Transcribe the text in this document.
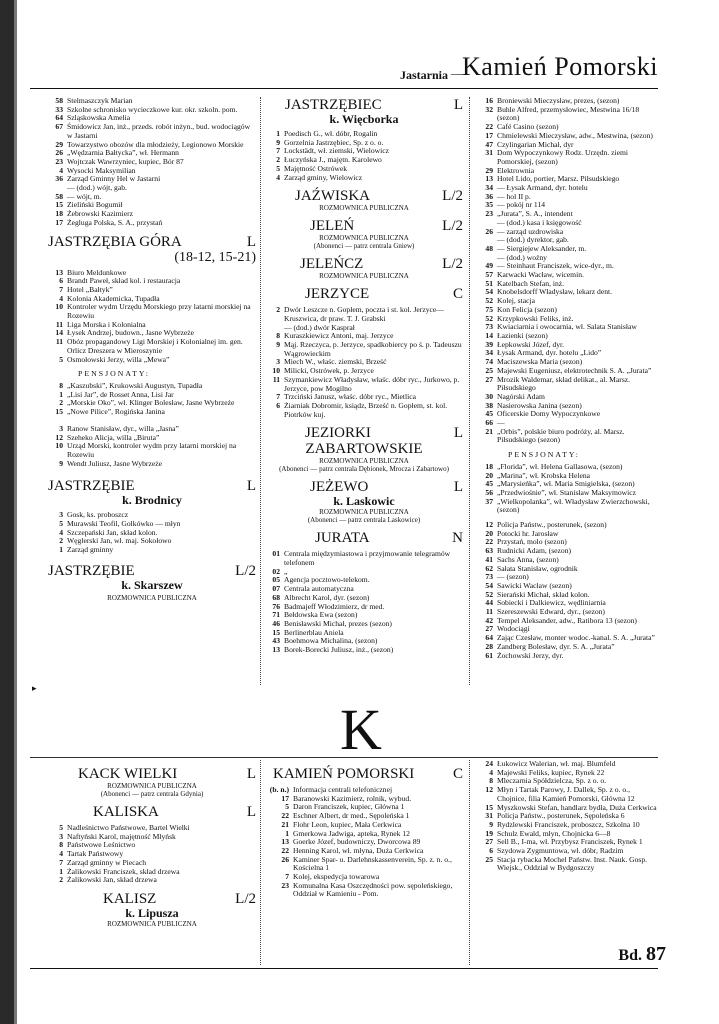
Jastarnia — Kamień Pomorski
58 Stelmaszczyk Marian
33 Szkolne schronisko wycieczkowe kur. okr. szkoln. pom.
64 Szląskowska Amelia
67 Śmidowicz Jan, inż., przeds. robót inżyn., bud. wodociągów w Jastarni
29 Towarzystwo obozów dla młodzieży, Legionowo Morskie
26 „Wędzarnia Bałtycka”, wł. Hermann
23 Wojtczak Wawrzyniec, kupiec, Bór 87
4 Wysocki Maksymilian
36 Zarząd Gminny Hel w Jastarni
— (dod.) wójt, gab.
58 — wójt, m.
15 Zieliński Bogumił
18 Żebrowski Kazimierz
17 Żegluga Polska, S. A., przystań
JASTRZĘBIA GÓRA	L
(18-12, 15-21)
13 Biuro Meldunkowe
6 Brandt Paweł, skład kol. i restauracja
7 Hotel „Bałtyk”
4 Kolonia Akademicka, Tupadła
10 Kontroler wydm Urzędu Morskiego przy latarni morskiej na Rozewiu
11 Liga Morska i Kolonialna
14 Łysek Andrzej, budown., Jasne Wybrzeże
11 Obóz propagandowy Ligi Morskiej i Kolonialnej im. gen. Orlicz Dreszera w Mieroszynie
5 Osmołowski Jerzy, willa „Mewa”
PENSJONATY:
8 „Kaszubski”, Krukowski Augustyn, Tupadła
1 „Lisi Jar”, de Rosset Anna, Lisi Jar
2 „Morskie Oko”, wł. Klinger Bolesław, Jasne Wybrzeże
15 „Nowe Pilice”, Rogińska Janina
3 Ranow Stanisław, dyr., willa „Jasna”
12 Szeheko Alicja, willa „Biruta”
10 Urząd Morski, kontroler wydm przy latarni morskiej na Rozewiu
9 Wendt Juliusz, Jasne Wybrzeże
JASTRZĘBIE	L
k. Brodnicy
3 Gosk, ks. proboszcz
5 Murawski Teofil, Golkówko — młyn
4 Szczepański Jan, skład kolon.
2 Węglerski Jan, wł. maj. Sokołowo
1 Zarząd gminny
JASTRZĘBIE	L/2
k. Skarszew
ROZMOWNICA PUBLICZNA
JASTRZĘBIEC	L
k. Więcborka
1 Poedisch G., wł. dóbr, Rogalin
9 Gorzelnia Jastrzębiec, Sp. z o. o.
7 Lockstädt, wł. ziemski, Wielowicz
2 Łuczyńska J., majętn. Karolewo
5 Majętność Ostrówek
4 Zarząd gminy, Wielowicz
JAŹWISKA	L/2
ROZMOWNICA PUBLICZNA
JELEŃ	L/2
ROZMOWNICA PUBLICZNA
(Abonenci — patrz centrala Gniew)
JELEŃCZ	L/2
ROZMOWNICA PUBLICZNA
JERZYCE	C
2 Dwór Leszcze n. Gopłem, poczta i st. kol. Jerzyce—Kruszwica, dr praw. T. J. Grabski
— (dod.) dwór Kasprał
8 Kuraszkiewicz Antoni, maj. Jerzyce
9 Mąj. Rzeczyca, p. Jerzyce, spadkobiercy po ś. p. Tadeuszu Wągrowieckim
3 Miech W., właśc. ziemski, Brześć
10 Milicki, Ostrówek, p. Jerzyce
11 Szymankiewicz Władysław, właśc. dóbr ryc., Jurkowo, p. Jerzyce, pow Mogilno
7 Trzciński Janusz, właśc. dóbr ryc., Mietlica
6 Żiarniak Dobromir, ksiądz, Brześć n. Gopłem, st. kol. Piotrków kuj.
JEZIORKI	L
ZABARTOWSKIE
ROZMOWNICA PUBLICZNA
(Abonenci — patrz centrala Dębionek, Mrocza i Zabartowo)
JEŻEWO	L
k. Laskowic
ROZMOWNICA PUBLICZNA
(Abonenci — patrz centrala Laskowice)
JURATA	N
01 Centrala międzymiastowa i przyjmowanie telegramów telefonem
02 „
05 Agencja pocztowo-telekom.
07 Centrala automatyczna
68 Albrecht Karol, dyr. (sezon)
76 Badmajeff Włodzimierz, dr med.
71 Bełdowska Ewa (sezon)
46 Benisławski Michał, prezes (sezon)
15 Berlinerblau Aniela
43 Boehmowa Michalina, (sezon)
13 Borek-Borecki Juliusz, inż., (sezon)
16 Broniewski Mieczysław, prezes, (sezon)
32 Buhle Alfred, przemysłowiec, Mestwina 16/18 (sezon)
22 Café Casino (sezon)
17 Chmielewski Mieczysław, adw., Mestwina, (sezon)
47 Czylingarian Michał, dyr
31 Dom Wypoczynkowy Rodz. Urzędn. ziemi Pomorskiej, (sezon)
29 Elektrownia
13 Hotel Lido, portier, Marsz. Piłsudskiego
34 — Łysak Armand, dyr. hotelu
36 — hol II p.
35 — pokój nr 114
23 „Jurata”, S. A., intendent
— (dod.) kasa i księgowość
26 — zarząd uzdrowiska
— (dod.) dyrektor, gab.
48 — Siergiejew Aleksander, m.
— (dod.) woźny
49 — Steinhaut Franciszek, wice-dyr., m.
57 Karwacki Wacław, wicemin.
51 Katelbach Stefan, inż.
54 Knobelsdorff Władysław, lekarz dent.
52 Kolej, stacja
75 Kon Felicja (sezon)
52 Krzypkowski Feliks, inż.
73 Kwiaciarnia i owocarnia, wł. Salata Stanisław
14 Łazienki (sezon)
39 Łepkowski Józef, dyr.
34 Łysak Armand, dyr. hotelu „Lido”
74 Maciszewska Maria (sezon)
25 Majewski Eugeniusz, elektrotechnik S. A. „Jurata”
27 Mrozik Waldemar, skład delikat., al. Marsz. Piłsudskiego
30 Nagórski Adam
38 Nasierowska Janina (sezon)
45 Oficerskie Domy Wypoczynkowe
66 —
21 „Orbis”, polskie biuro podróży, al. Marsz. Piłsudskiego (sezon)
PENSJONATY:
18 „Florida”, wł. Helena Gallasowa, (sezon)
20 „Marina”, wł. Krobska Helena
45 „Marysieńka”, wł. Maria Smigielska, (sezon)
56 „Przedwiośnie”, wł. Stanisław Maksymowicz
37 „Wielkopolanka”, wł. Władysław Zwierzchowski, (sezon)
12 Policja Państw., posterunek, (sezon)
20 Potocki hr. Jarosław
22 Przystań, molo (sezon)
63 Rudnicki Adam, (sezon)
41 Sachs Anna, (sezon)
62 Sałata Stanisław, ogrodnik
73 — (sezon)
54 Sawicki Wacław (sezon)
52 Sierański Michał, skład kolon.
44 Sobiecki i Dalkiewicz, wędliniarnia
11 Szereszewski Edward, dyr., (sezon)
42 Tempel Aleksander, adw., Ratibora 13 (sezon)
27 Wodociągi
64 Zając Czesław, monter wodoc.-kanal. S. A. „Jurata”
28 Zandberg Bolesław, dyr. S. A. „Jurata”
61 Żochowski Jerzy, dyr.
▸
K
KACK WIELKI	L
ROZMOWNICA PUBLICZNA
(Abonenci — patrz centrala Gdynia)
KALISKA	L
5 Nadleśnictwo Państwowe, Bartel Wielki
3 Naftyński Karol, majętność Młyńsk
8 Państwowe Leśnictwo
4 Tartak Państwowy
7 Zarząd gminny w Piecach
1 Żalikowski Franciszek, skład drzewa
2 Żalikowski Jan, skład drzewa
KALISZ	L/2
k. Lipusza
ROZMOWNICA PUBLICZNA
KAMIEŃ POMORSKI	C
(b. n.) Informacja centrali telefonicznej
17 Baranowski Kazimierz, rolnik, wybud.
5 Daron Franciszek, kupiec, Główna 1
22 Eschner Albert, dr med., Sępoleńska 1
21 Flohr Leon, kupiec, Mała Cerkwica
1 Gmerkowa Jadwiga, apteka, Rynek 12
13 Goerke Józef, budowniczy, Dworcowa 89
22 Henning Karol, wł. młyna, Duża Cerkwica
26 Kaminer Spar- u. Darlehnskassenverein, Sp. z. n. o., Kościelna 1
7 Kolej, ekspedycja towarowa
23 Komunalna Kasa Oszczędności pow. sępoleńskiego, Oddział w Kamieniu - Pom.
24 Łukowicz Walerian, wł. maj. Blumfeld
4 Majewski Feliks, kupiec, Rynek 22
8 Mleczarnia Spółdzielcza, Sp. z o. o.
12 Młyn i Tartak Parowy, J. Dallek, Sp. z o. o., Chojnice, filia Kamień Pomorski, Główna 12
15 Myszkowski Stefan, handlarz bydła, Duża Cerkwica
31 Policja Państw., posterunek, Sępoleńska 6
9 Rydzlewski Franciszek, proboszcz, Szkolna 10
19 Schulz Ewald, młyn, Chojnicka 6—8
27 Sell B., I-ma, wł. Przybysz Franciszek, Rynek 1
6 Szydowa Zygmuntowa, wł. dóbr, Radzim
25 Stacja rybacka Mochel Państw. Inst. Nauk. Gosp. Wiejsk., Oddział w Bydgoszczy
Bd. 87
